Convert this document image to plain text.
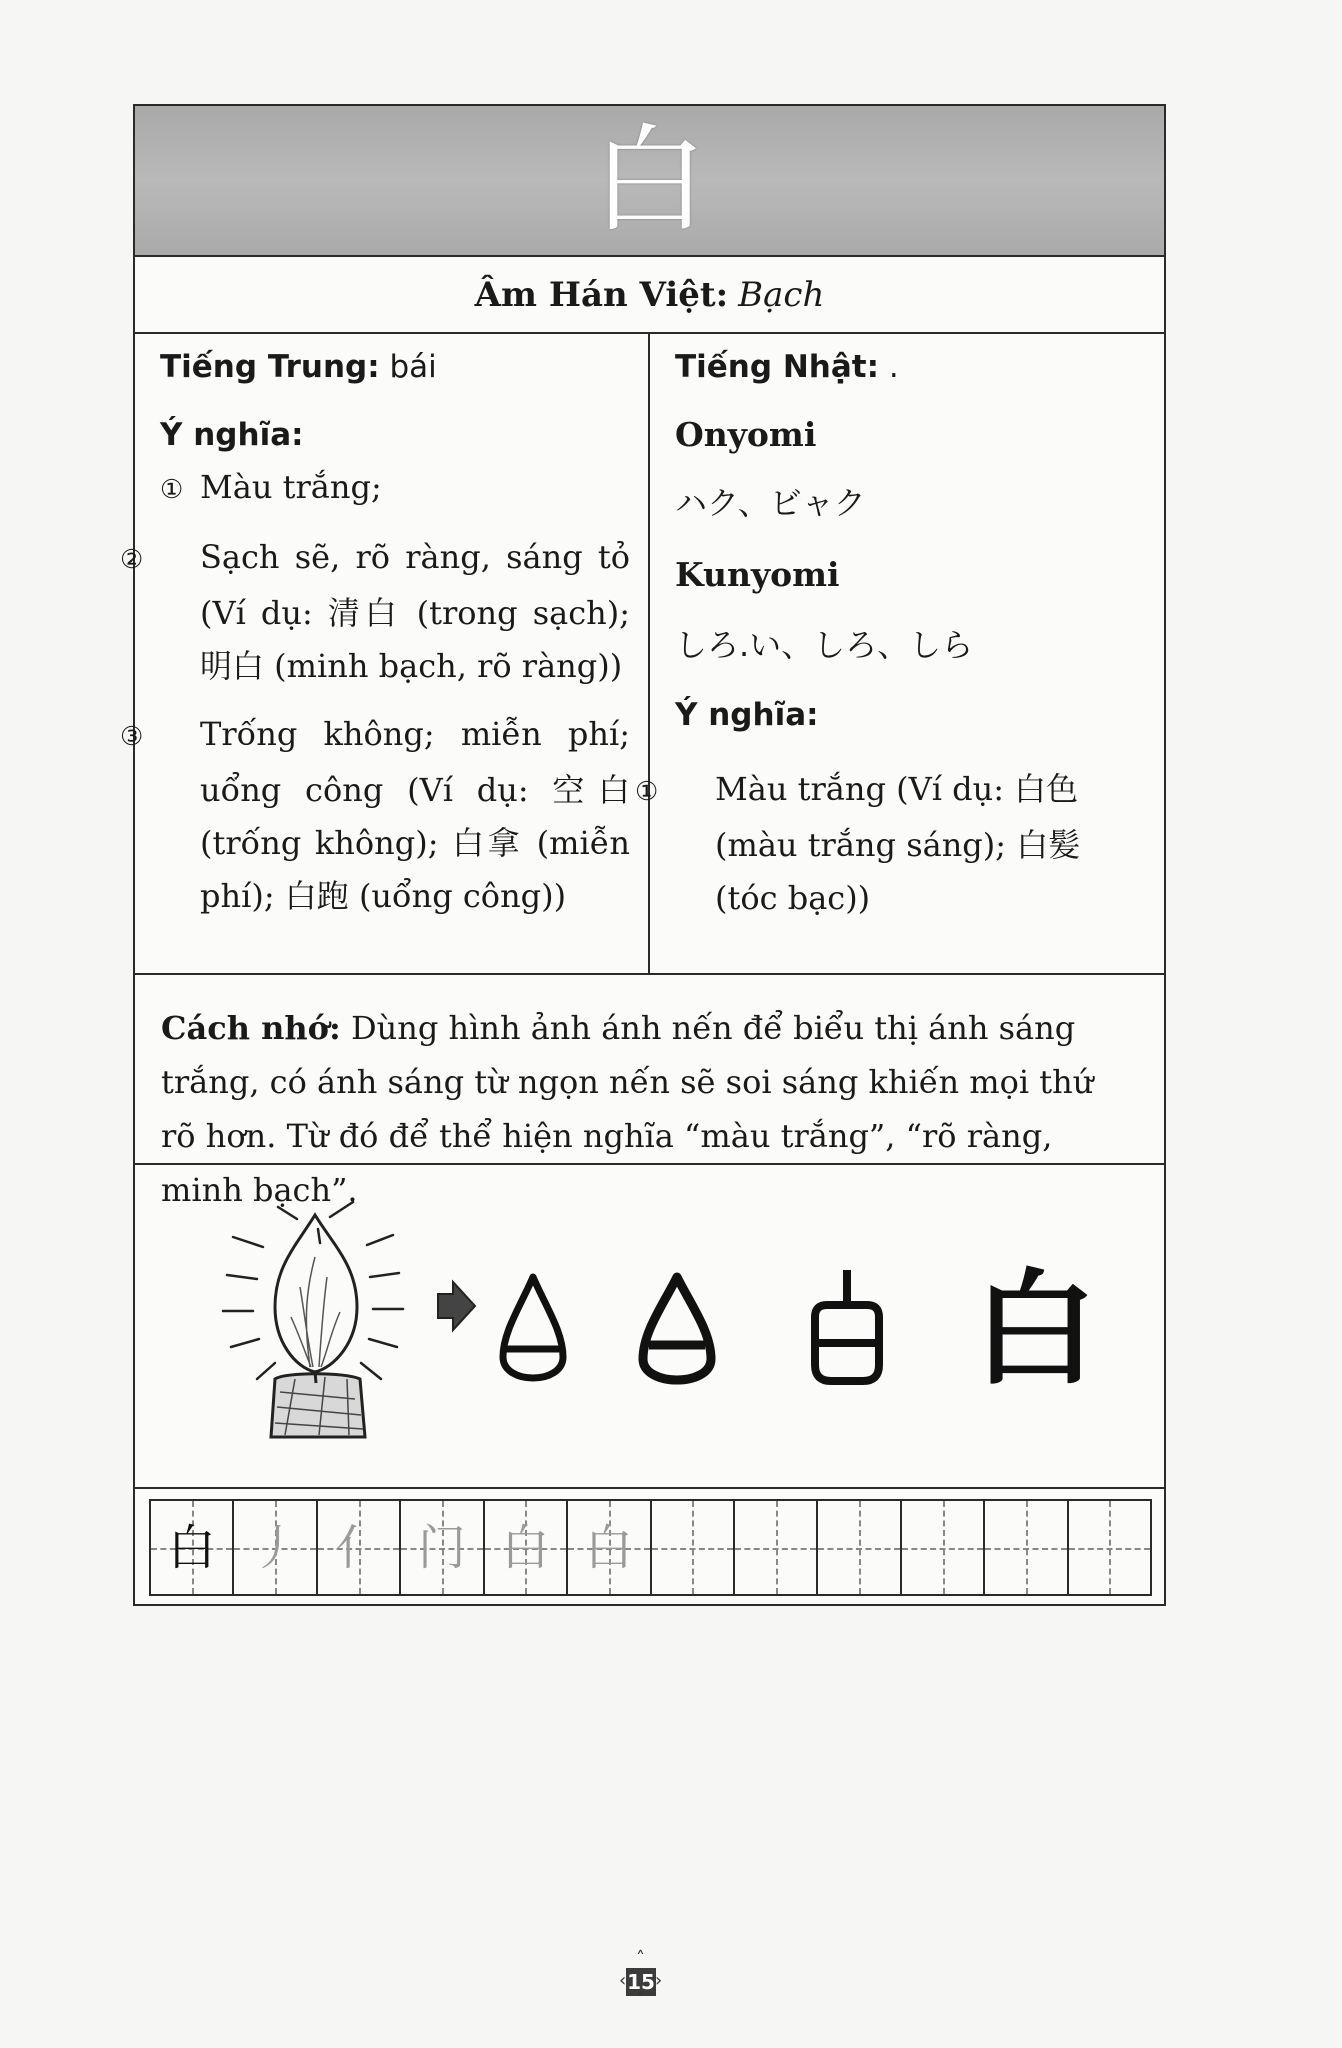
白
Âm Hán Việt: Bạch
Tiếng Trung: bái
Ý nghĩa:
① Màu trắng;
② Sạch sẽ, rõ ràng, sáng tỏ (Ví dụ: 清白 (trong sạch); 明白 (minh bạch, rõ ràng))
③ Trống không; miễn phí; uổng công (Ví dụ: 空白 (trống không); 白拿 (miễn phí); 白跑 (uổng công))
Tiếng Nhật: .
Onyomi
ハク、ビャク
Kunyomi
しろ.い、しろ、しら
Ý nghĩa:
① Màu trắng (Ví dụ: 白色 (màu trắng sáng); 白髪 (tóc bạc))
Cách nhớ: Dùng hình ảnh ánh nến để biểu thị ánh sáng trắng, có ánh sáng từ ngọn nến sẽ soi sáng khiến mọi thứ rõ hơn. Từ đó để thể hiện nghĩa “màu trắng”, “rõ ràng, minh bạch”.
白
白 丿 亻 门 白 白
˄
‹ 15 ›
˅
